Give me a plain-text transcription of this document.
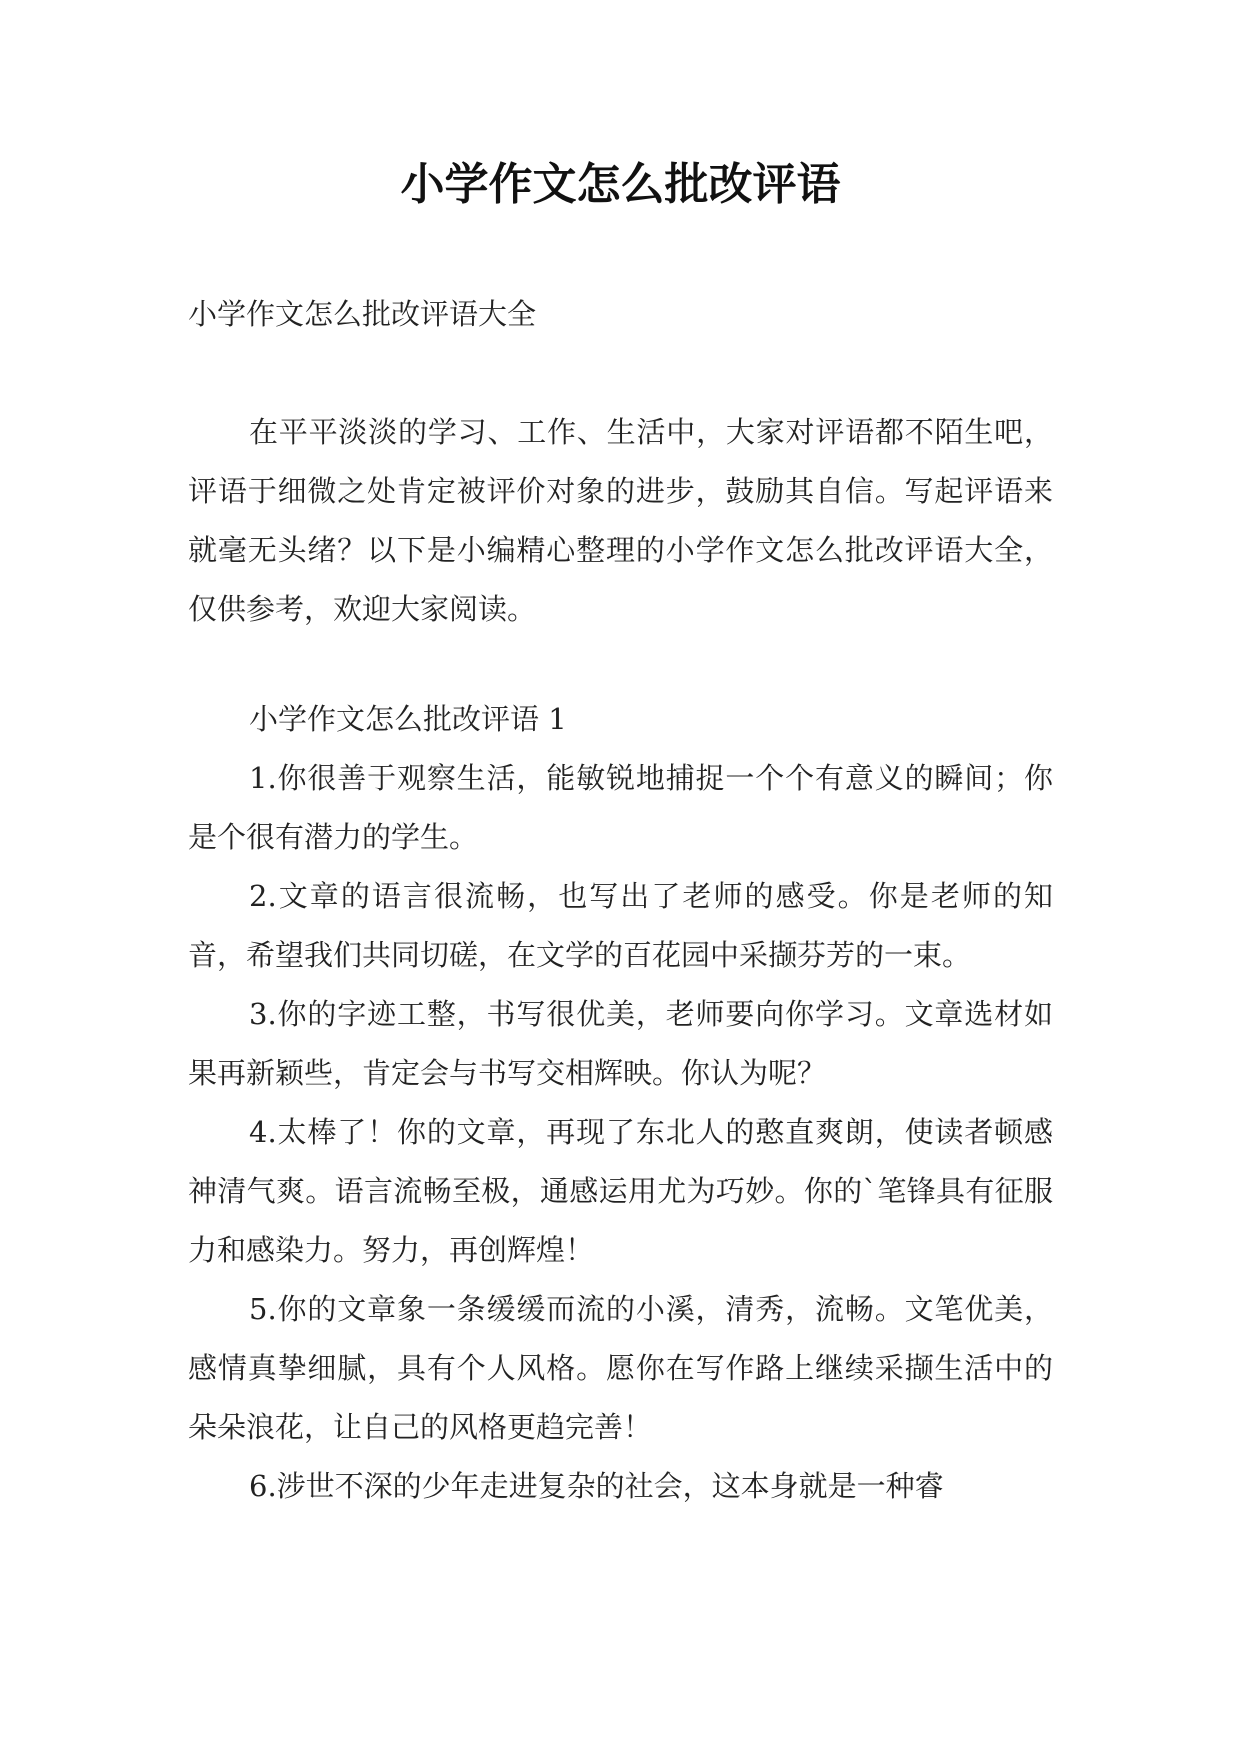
小学作文怎么批改评语

小学作文怎么批改评语大全

在平平淡淡的学习、工作、生活中，大家对评语都不陌生吧，评语于细微之处肯定被评价对象的进步，鼓励其自信。写起评语来就毫无头绪？以下是小编精心整理的小学作文怎么批改评语大全，仅供参考，欢迎大家阅读。

小学作文怎么批改评语 1

1.你很善于观察生活，能敏锐地捕捉一个个有意义的瞬间；你是个很有潜力的学生。

2.文章的语言很流畅，也写出了老师的感受。你是老师的知音，希望我们共同切磋，在文学的百花园中采撷芬芳的一束。

3.你的字迹工整，书写很优美，老师要向你学习。文章选材如果再新颖些，肯定会与书写交相辉映。你认为呢？

4.太棒了！你的文章，再现了东北人的憨直爽朗，使读者顿感神清气爽。语言流畅至极，通感运用尤为巧妙。你的`笔锋具有征服力和感染力。努力，再创辉煌！

5.你的文章象一条缓缓而流的小溪，清秀，流畅。文笔优美，感情真挚细腻，具有个人风格。愿你在写作路上继续采撷生活中的朵朵浪花，让自己的风格更趋完善！

6.涉世不深的少年走进复杂的社会，这本身就是一种睿
